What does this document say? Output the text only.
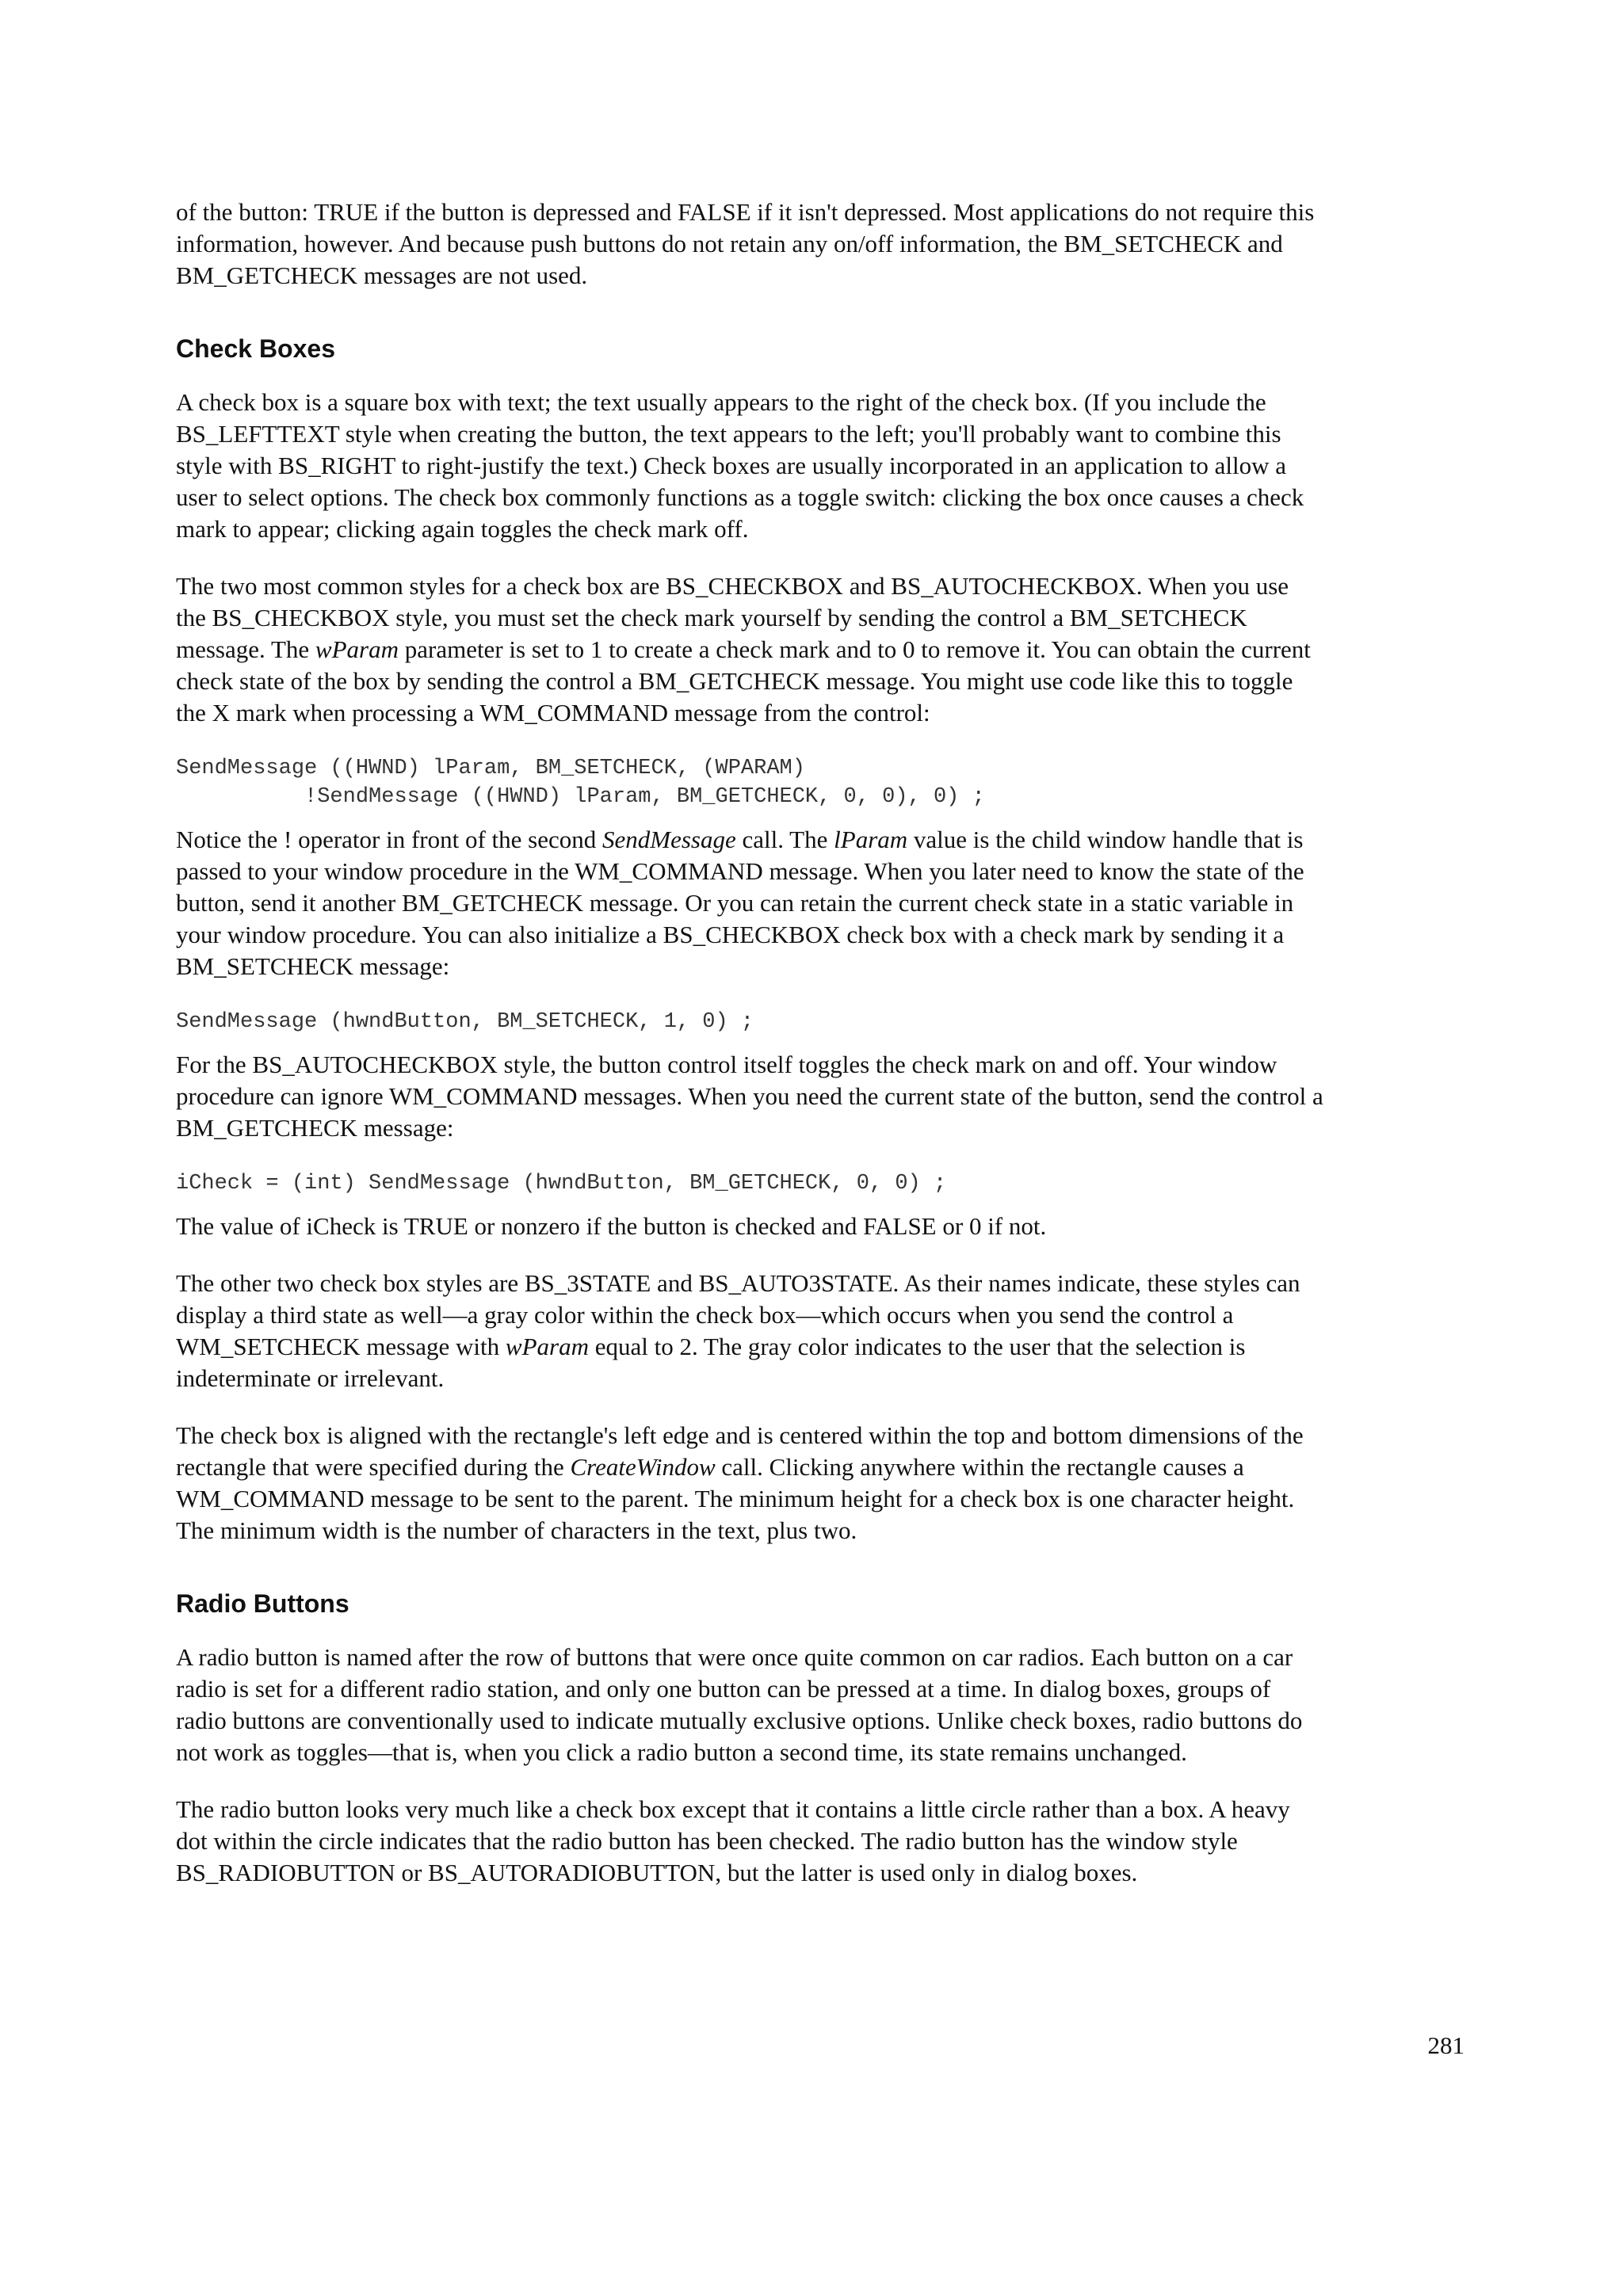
of the button: TRUE if the button is depressed and FALSE if it isn't depressed. Most applications do not require this
information, however. And because push buttons do not retain any on/off information, the BM_SETCHECK and
BM_GETCHECK messages are not used.

Check Boxes

A check box is a square box with text; the text usually appears to the right of the check box. (If you include the
BS_LEFTTEXT style when creating the button, the text appears to the left; you'll probably want to combine this
style with BS_RIGHT to right-justify the text.) Check boxes are usually incorporated in an application to allow a
user to select options. The check box commonly functions as a toggle switch: clicking the box once causes a check
mark to appear; clicking again toggles the check mark off.

The two most common styles for a check box are BS_CHECKBOX and BS_AUTOCHECKBOX. When you use
the BS_CHECKBOX style, you must set the check mark yourself by sending the control a BM_SETCHECK
message. The wParam parameter is set to 1 to create a check mark and to 0 to remove it. You can obtain the current
check state of the box by sending the control a BM_GETCHECK message. You might use code like this to toggle
the X mark when processing a WM_COMMAND message from the control:

SendMessage ((HWND) lParam, BM_SETCHECK, (WPARAM)
!SendMessage ((HWND) lParam, BM_GETCHECK, 0, 0), 0) ;

Notice the ! operator in front of the second SendMessage call. The lParam value is the child window handle that is
passed to your window procedure in the WM_COMMAND message. When you later need to know the state of the
button, send it another BM_GETCHECK message. Or you can retain the current check state in a static variable in
your window procedure. You can also initialize a BS_CHECKBOX check box with a check mark by sending it a
BM_SETCHECK message:

SendMessage (hwndButton, BM_SETCHECK, 1, 0) ;

For the BS_AUTOCHECKBOX style, the button control itself toggles the check mark on and off. Your window
procedure can ignore WM_COMMAND messages. When you need the current state of the button, send the control a
BM_GETCHECK message:

iCheck = (int) SendMessage (hwndButton, BM_GETCHECK, 0, 0) ;

The value of iCheck is TRUE or nonzero if the button is checked and FALSE or 0 if not.

The other two check box styles are BS_3STATE and BS_AUTO3STATE. As their names indicate, these styles can
display a third state as well—a gray color within the check box—which occurs when you send the control a
WM_SETCHECK message with wParam equal to 2. The gray color indicates to the user that the selection is
indeterminate or irrelevant.

The check box is aligned with the rectangle's left edge and is centered within the top and bottom dimensions of the
rectangle that were specified during the CreateWindow call. Clicking anywhere within the rectangle causes a
WM_COMMAND message to be sent to the parent. The minimum height for a check box is one character height.
The minimum width is the number of characters in the text, plus two.

Radio Buttons

A radio button is named after the row of buttons that were once quite common on car radios. Each button on a car
radio is set for a different radio station, and only one button can be pressed at a time. In dialog boxes, groups of
radio buttons are conventionally used to indicate mutually exclusive options. Unlike check boxes, radio buttons do
not work as toggles—that is, when you click a radio button a second time, its state remains unchanged.

The radio button looks very much like a check box except that it contains a little circle rather than a box. A heavy
dot within the circle indicates that the radio button has been checked. The radio button has the window style
BS_RADIOBUTTON or BS_AUTORADIOBUTTON, but the latter is used only in dialog boxes.

281
